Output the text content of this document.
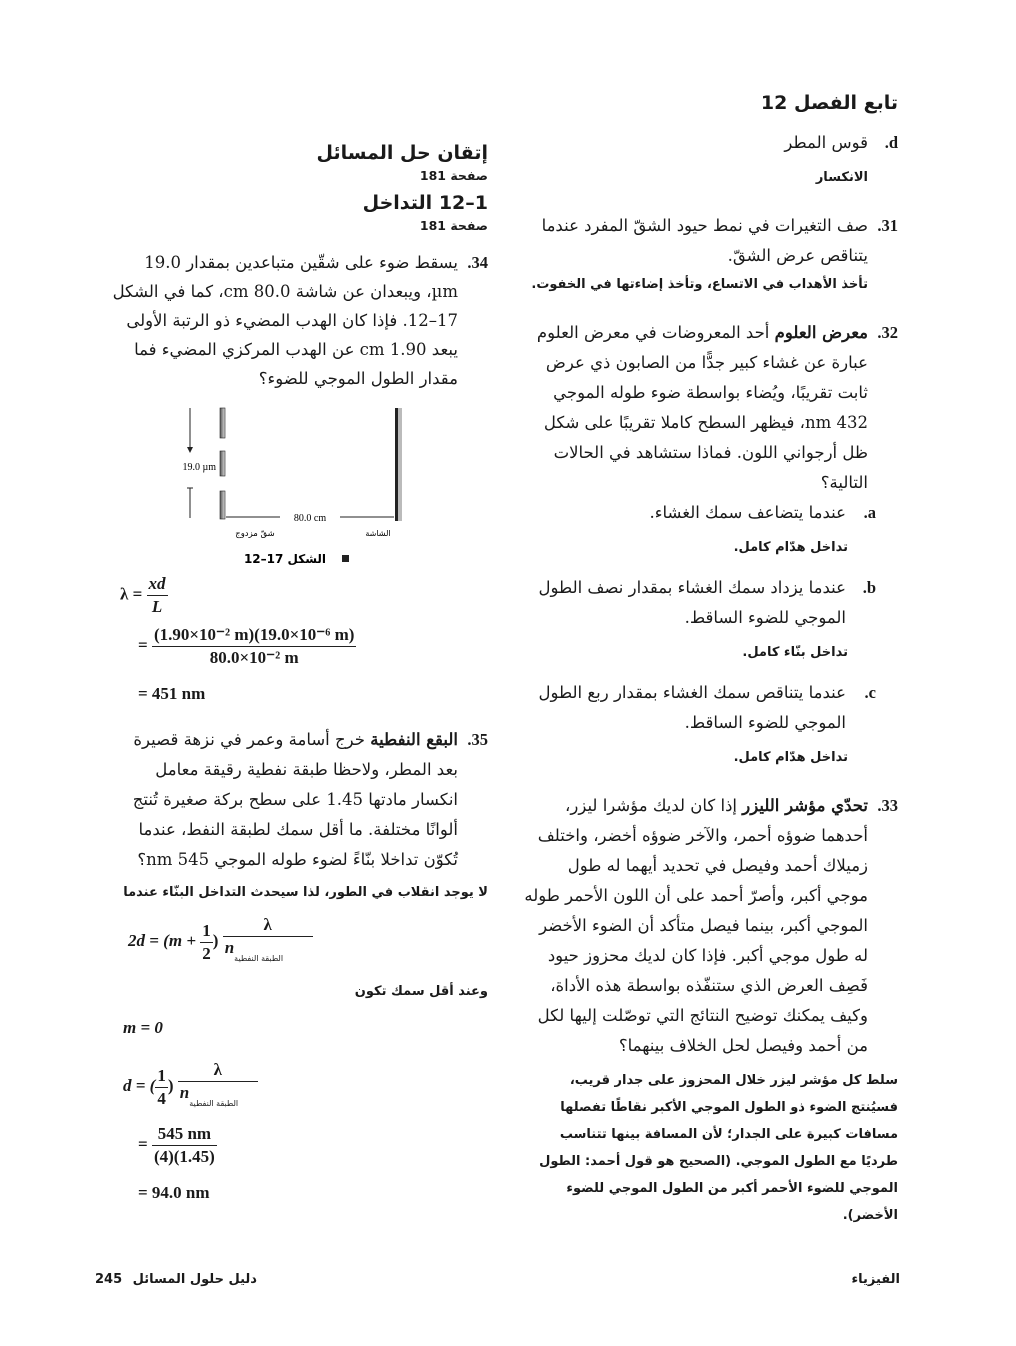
تابع الفصل 12

d.
قوس المطر

الانكسار

31.
صف التغيرات في نمط حيود الشقّ المفرد عندما يتناقص عرض الشقّ.

تأخذ الأهداب في الاتساع، وتأخذ إضاءتها في الخفوت.

32.
معرض العلوم أحد المعروضات في معرض العلوم عبارة عن غشاء كبير جدًّا من الصابون ذي عرض ثابت تقريبًا، ويُضاء بواسطة ضوء طوله الموجي 432 nm، فيظهر السطح كاملا تقريبًا على شكل ظل أرجواني اللون. فماذا ستشاهد في الحالات التالية؟

a.
عندما يتضاعف سمك الغشاء.

تداخل هدّام كامل.

b.
عندما يزداد سمك الغشاء بمقدار نصف الطول الموجي للضوء الساقط.

تداخل بنّاء كامل.

c.
عندما يتناقص سمك الغشاء بمقدار ربع الطول الموجي للضوء الساقط.

تداخل هدّام كامل.

33.
تحدّي مؤشر الليزر إذا كان لديك مؤشرا ليزر، أحدهما ضوؤه أحمر، والآخر ضوؤه أخضر، واختلف زميلاك أحمد وفيصل في تحديد أيهما له طول موجي أكبر، وأصرّ أحمد على أن اللون الأحمر طوله الموجي أكبر، بينما فيصل متأكد أن الضوء الأخضر له طول موجي أكبر. فإذا كان لديك محزوز حيود فَصِف العرض الذي ستنفّذه بواسطة هذه الأداة، وكيف يمكنك توضيح النتائج التي توصّلت إليها لكل من أحمد وفيصل لحل الخلاف بينهما؟

سلط كل مؤشر ليزر خلال المحزوز على جدار قريب، فسيُنتج الضوء ذو الطول الموجي الأكبر نقاطًا تفصلها مسافات كبيرة على الجدار؛ لأن المسافة بينها تتناسب طرديًا مع الطول الموجي. (الصحيح هو قول أحمد: الطول الموجي للضوء الأحمر أكبر من الطول الموجي للضوء الأخضر).
إتقان حل المسائل
صفحة 181
1–12 التداخل
صفحة 181

34.
يسقط ضوء على شقّين متباعدين بمقدار 19.0 µm، ويبعدان عن شاشة 80.0 cm، كما في الشكل 17–12. فإذا كان الهدب المضيء ذو الرتبة الأولى يبعد 1.90 cm عن الهدب المركزي المضيء فما مقدار الطول الموجي للضوء؟

19.0 µm
80.0 cm
شقّ مزدوج	الشاشة
الشكل 17–12
$\lambda = \frac{xd}{L}$
= $\frac{\text{(1.90×10⁻² m)(19.0×10⁻⁶ m)}}{\text{80.0×10⁻² m}}$
= 451 nm

35.
البقع النفطية خرج أسامة وعمر في نزهة قصيرة بعد المطر، ولاحظا طبقة نفطية رقيقة معامل انكسار مادتها 1.45 على سطح بركة صغيرة تُنتج ألوانًا مختلفة. ما أقل سمك لطبقة النفط، عندما تُكوّن تداخلا بنّاءً لضوء طوله الموجي 545 nm؟

لا يوجد انقلاب في الطور، لذا سيحدث التداخل البنّاء عندما
$2d = (m + \frac{1}{2}$ ) $\frac{\lambda}{n_{الطبقة النفطية}}$
وعند أقل سمك تكون
m = 0
d = ( $\frac{1}{4}$ ) $\frac{\lambda}{n_{الطبقة النفطية}}$
= $\frac{545 nm}{(4)(1.45)}$
= 94.0 nm
الفيزياء
دليل حلول المسائل 245
